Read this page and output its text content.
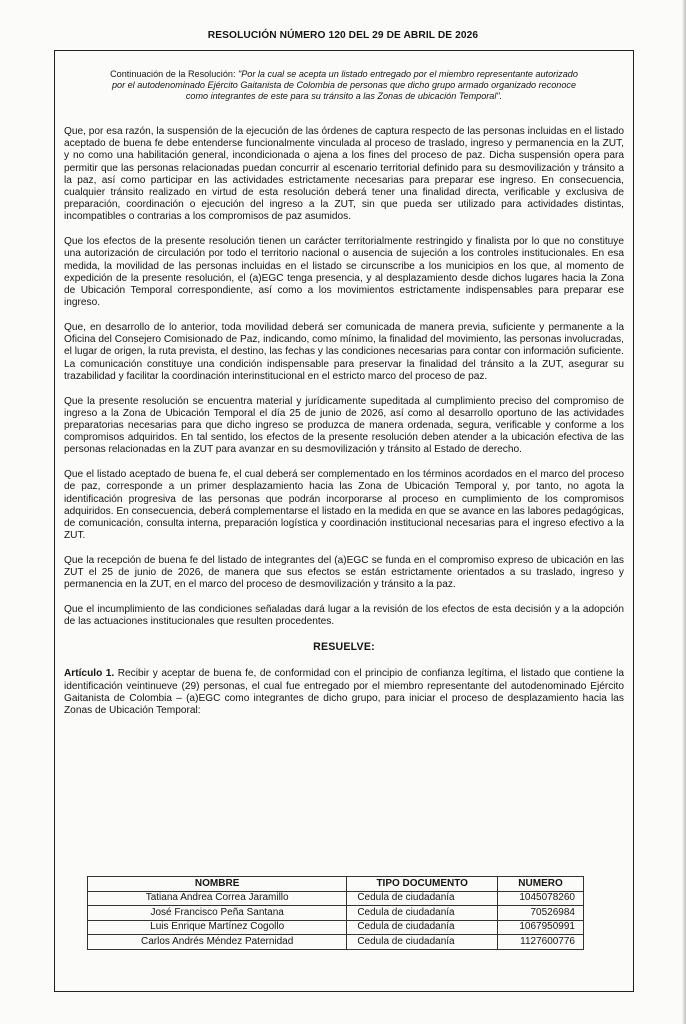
RESOLUCIÓN NÚMERO 120 DEL 29 DE ABRIL DE 2026
Continuación de la Resolución: "Por la cual se acepta un listado entregado por el miembro representante autorizado por el autodenominado Ejército Gaitanista de Colombia de personas que dicho grupo armado organizado reconoce como integrantes de este para su tránsito a las Zonas de ubicación Temporal".

Que, por esa razón, la suspensión de la ejecución de las órdenes de captura respecto de las personas incluidas en el listado aceptado de buena fe debe entenderse funcionalmente vinculada al proceso de traslado, ingreso y permanencia en la ZUT, y no como una habilitación general, incondicionada o ajena a los fines del proceso de paz. Dicha suspensión opera para permitir que las personas relacionadas puedan concurrir al escenario territorial definido para su desmovilización y tránsito a la paz, así como participar en las actividades estrictamente necesarias para preparar ese ingreso. En consecuencia, cualquier tránsito realizado en virtud de esta resolución deberá tener una finalidad directa, verificable y exclusiva de preparación, coordinación o ejecución del ingreso a la ZUT, sin que pueda ser utilizado para actividades distintas, incompatibles o contrarias a los compromisos de paz asumidos.

Que los efectos de la presente resolución tienen un carácter territorialmente restringido y finalista por lo que no constituye una autorización de circulación por todo el territorio nacional o ausencia de sujeción a los controles institucionales. En esa medida, la movilidad de las personas incluidas en el listado se circunscribe a los municipios en los que, al momento de expedición de la presente resolución, el (a)EGC tenga presencia, y al desplazamiento desde dichos lugares hacia la Zona de Ubicación Temporal correspondiente, así como a los movimientos estrictamente indispensables para preparar ese ingreso.

Que, en desarrollo de lo anterior, toda movilidad deberá ser comunicada de manera previa, suficiente y permanente a la Oficina del Consejero Comisionado de Paz, indicando, como mínimo, la finalidad del movimiento, las personas involucradas, el lugar de origen, la ruta prevista, el destino, las fechas y las condiciones necesarias para contar con información suficiente. La comunicación constituye una condición indispensable para preservar la finalidad del tránsito a la ZUT, asegurar su trazabilidad y facilitar la coordinación interinstitucional en el estricto marco del proceso de paz.

Que la presente resolución se encuentra material y jurídicamente supeditada al cumplimiento preciso del compromiso de ingreso a la Zona de Ubicación Temporal el día 25 de junio de 2026, así como al desarrollo oportuno de las actividades preparatorias necesarias para que dicho ingreso se produzca de manera ordenada, segura, verificable y conforme a los compromisos adquiridos. En tal sentido, los efectos de la presente resolución deben atender a la ubicación efectiva de las personas relacionadas en la ZUT para avanzar en su desmovilización y tránsito al Estado de derecho.

Que el listado aceptado de buena fe, el cual deberá ser complementado en los términos acordados en el marco del proceso de paz, corresponde a un primer desplazamiento hacia las Zona de Ubicación Temporal y, por tanto, no agota la identificación progresiva de las personas que podrán incorporarse al proceso en cumplimiento de los compromisos adquiridos. En consecuencia, deberá complementarse el listado en la medida en que se avance en las labores pedagógicas, de comunicación, consulta interna, preparación logística y coordinación institucional necesarias para el ingreso efectivo a la ZUT.

Que la recepción de buena fe del listado de integrantes del (a)EGC se funda en el compromiso expreso de ubicación en las ZUT el 25 de junio de 2026, de manera que sus efectos se están estrictamente orientados a su traslado, ingreso y permanencia en la ZUT, en el marco del proceso de desmovilización y tránsito a la paz.

Que el incumplimiento de las condiciones señaladas dará lugar a la revisión de los efectos de esta decisión y a la adopción de las actuaciones institucionales que resulten procedentes.

RESUELVE:

Artículo 1. Recibir y aceptar de buena fe, de conformidad con el principio de confianza legítima, el listado que contiene la identificación veintinueve (29) personas, el cual fue entregado por el miembro representante del autodenominado Ejército Gaitanista de Colombia – (a)EGC como integrantes de dicho grupo, para iniciar el proceso de desplazamiento hacia las Zonas de Ubicación Temporal:

NOMBRE	TIPO DOCUMENTO	NUMERO
Tatiana Andrea Correa Jaramillo	Cedula de ciudadanía	1045078260
José Francisco Peña Santana	Cedula de ciudadanía	70526984
Luis Enrique Martínez Cogollo	Cedula de ciudadanía	1067950991
Carlos Andrés Méndez Paternidad	Cedula de ciudadanía	1127600776
